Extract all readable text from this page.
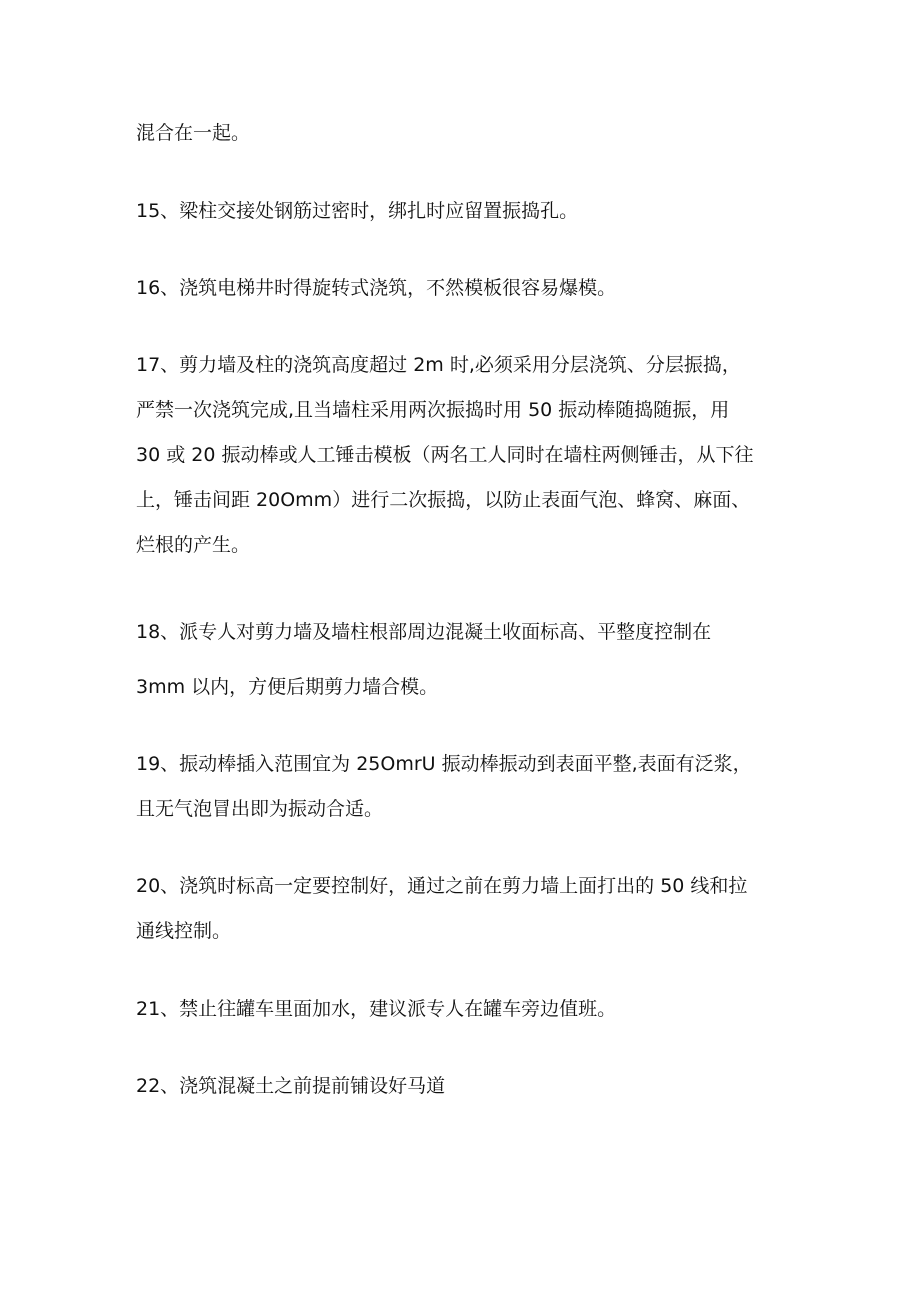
混合在一起。
15、梁柱交接处钢筋过密时，绑扎时应留置振捣孔。
16、浇筑电梯井时得旋转式浇筑，不然模板很容易爆模。
17、剪力墙及柱的浇筑高度超过 2m 时,必须采用分层浇筑、分层振捣，
严禁一次浇筑完成,且当墙柱采用两次振捣时用 50 振动棒随捣随振，用
30 或 20 振动棒或人工锤击模板（两名工人同时在墙柱两侧锤击，从下往
上，锤击间距 20Omm）进行二次振捣，以防止表面气泡、蜂窝、麻面、
烂根的产生。
18、派专人对剪力墙及墙柱根部周边混凝土收面标高、平整度控制在
3mm 以内，方便后期剪力墙合模。
19、振动棒插入范围宜为 25OmrU 振动棒振动到表面平整,表面有泛浆，
且无气泡冒出即为振动合适。
20、浇筑时标高一定要控制好，通过之前在剪力墙上面打出的 50 线和拉
通线控制。
21、禁止往罐车里面加水，建议派专人在罐车旁边值班。
22、浇筑混凝土之前提前铺设好马道
